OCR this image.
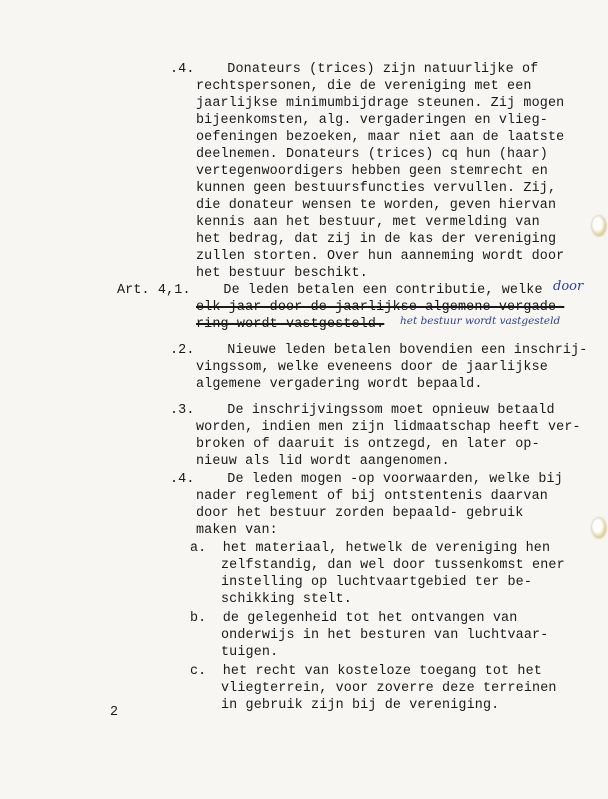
.4.    Donateurs (trices) zijn natuurlijke of
rechtspersonen, die de vereniging met een
jaarlijkse minimumbijdrage steunen. Zij mogen
bijeenkomsten, alg. vergaderingen en vlieg-
oefeningen bezoeken, maar niet aan de laatste
deelnemen. Donateurs (trices) cq hun (haar)
vertegenwoordigers hebben geen stemrecht en
kunnen geen bestuursfuncties vervullen. Zij,
die donateur wensen te worden, geven hiervan
kennis aan het bestuur, met vermelding van
het bedrag, dat zij in de kas der vereniging
zullen storten. Over hun aanneming wordt door
het bestuur beschikt.
Art. 4,1.    De leden betalen een contributie, welke
elk jaar door de jaarlijkse algemene vergade-
ring wordt vastgesteld.
door
het bestuur wordt vastgesteld
.2.    Nieuwe leden betalen bovendien een inschrij-
vingssom, welke eveneens door de jaarlijkse
algemene vergadering wordt bepaald.
.3.    De inschrijvingssom moet opnieuw betaald
worden, indien men zijn lidmaatschap heeft ver-
broken of daaruit is ontzegd, en later op-
nieuw als lid wordt aangenomen.
.4.    De leden mogen -op voorwaarden, welke bij
nader reglement of bij ontstentenis daarvan
door het bestuur zorden bepaald- gebruik
maken van:
a.  het materiaal, hetwelk de vereniging hen
zelfstandig, dan wel door tussenkomst ener
instelling op luchtvaartgebied ter be-
schikking stelt.
b.  de gelegenheid tot het ontvangen van
onderwijs in het besturen van luchtvaar-
tuigen.
c.  het recht van kosteloze toegang tot het
vliegterrein, voor zoverre deze terreinen
in gebruik zijn bij de vereniging.
2
